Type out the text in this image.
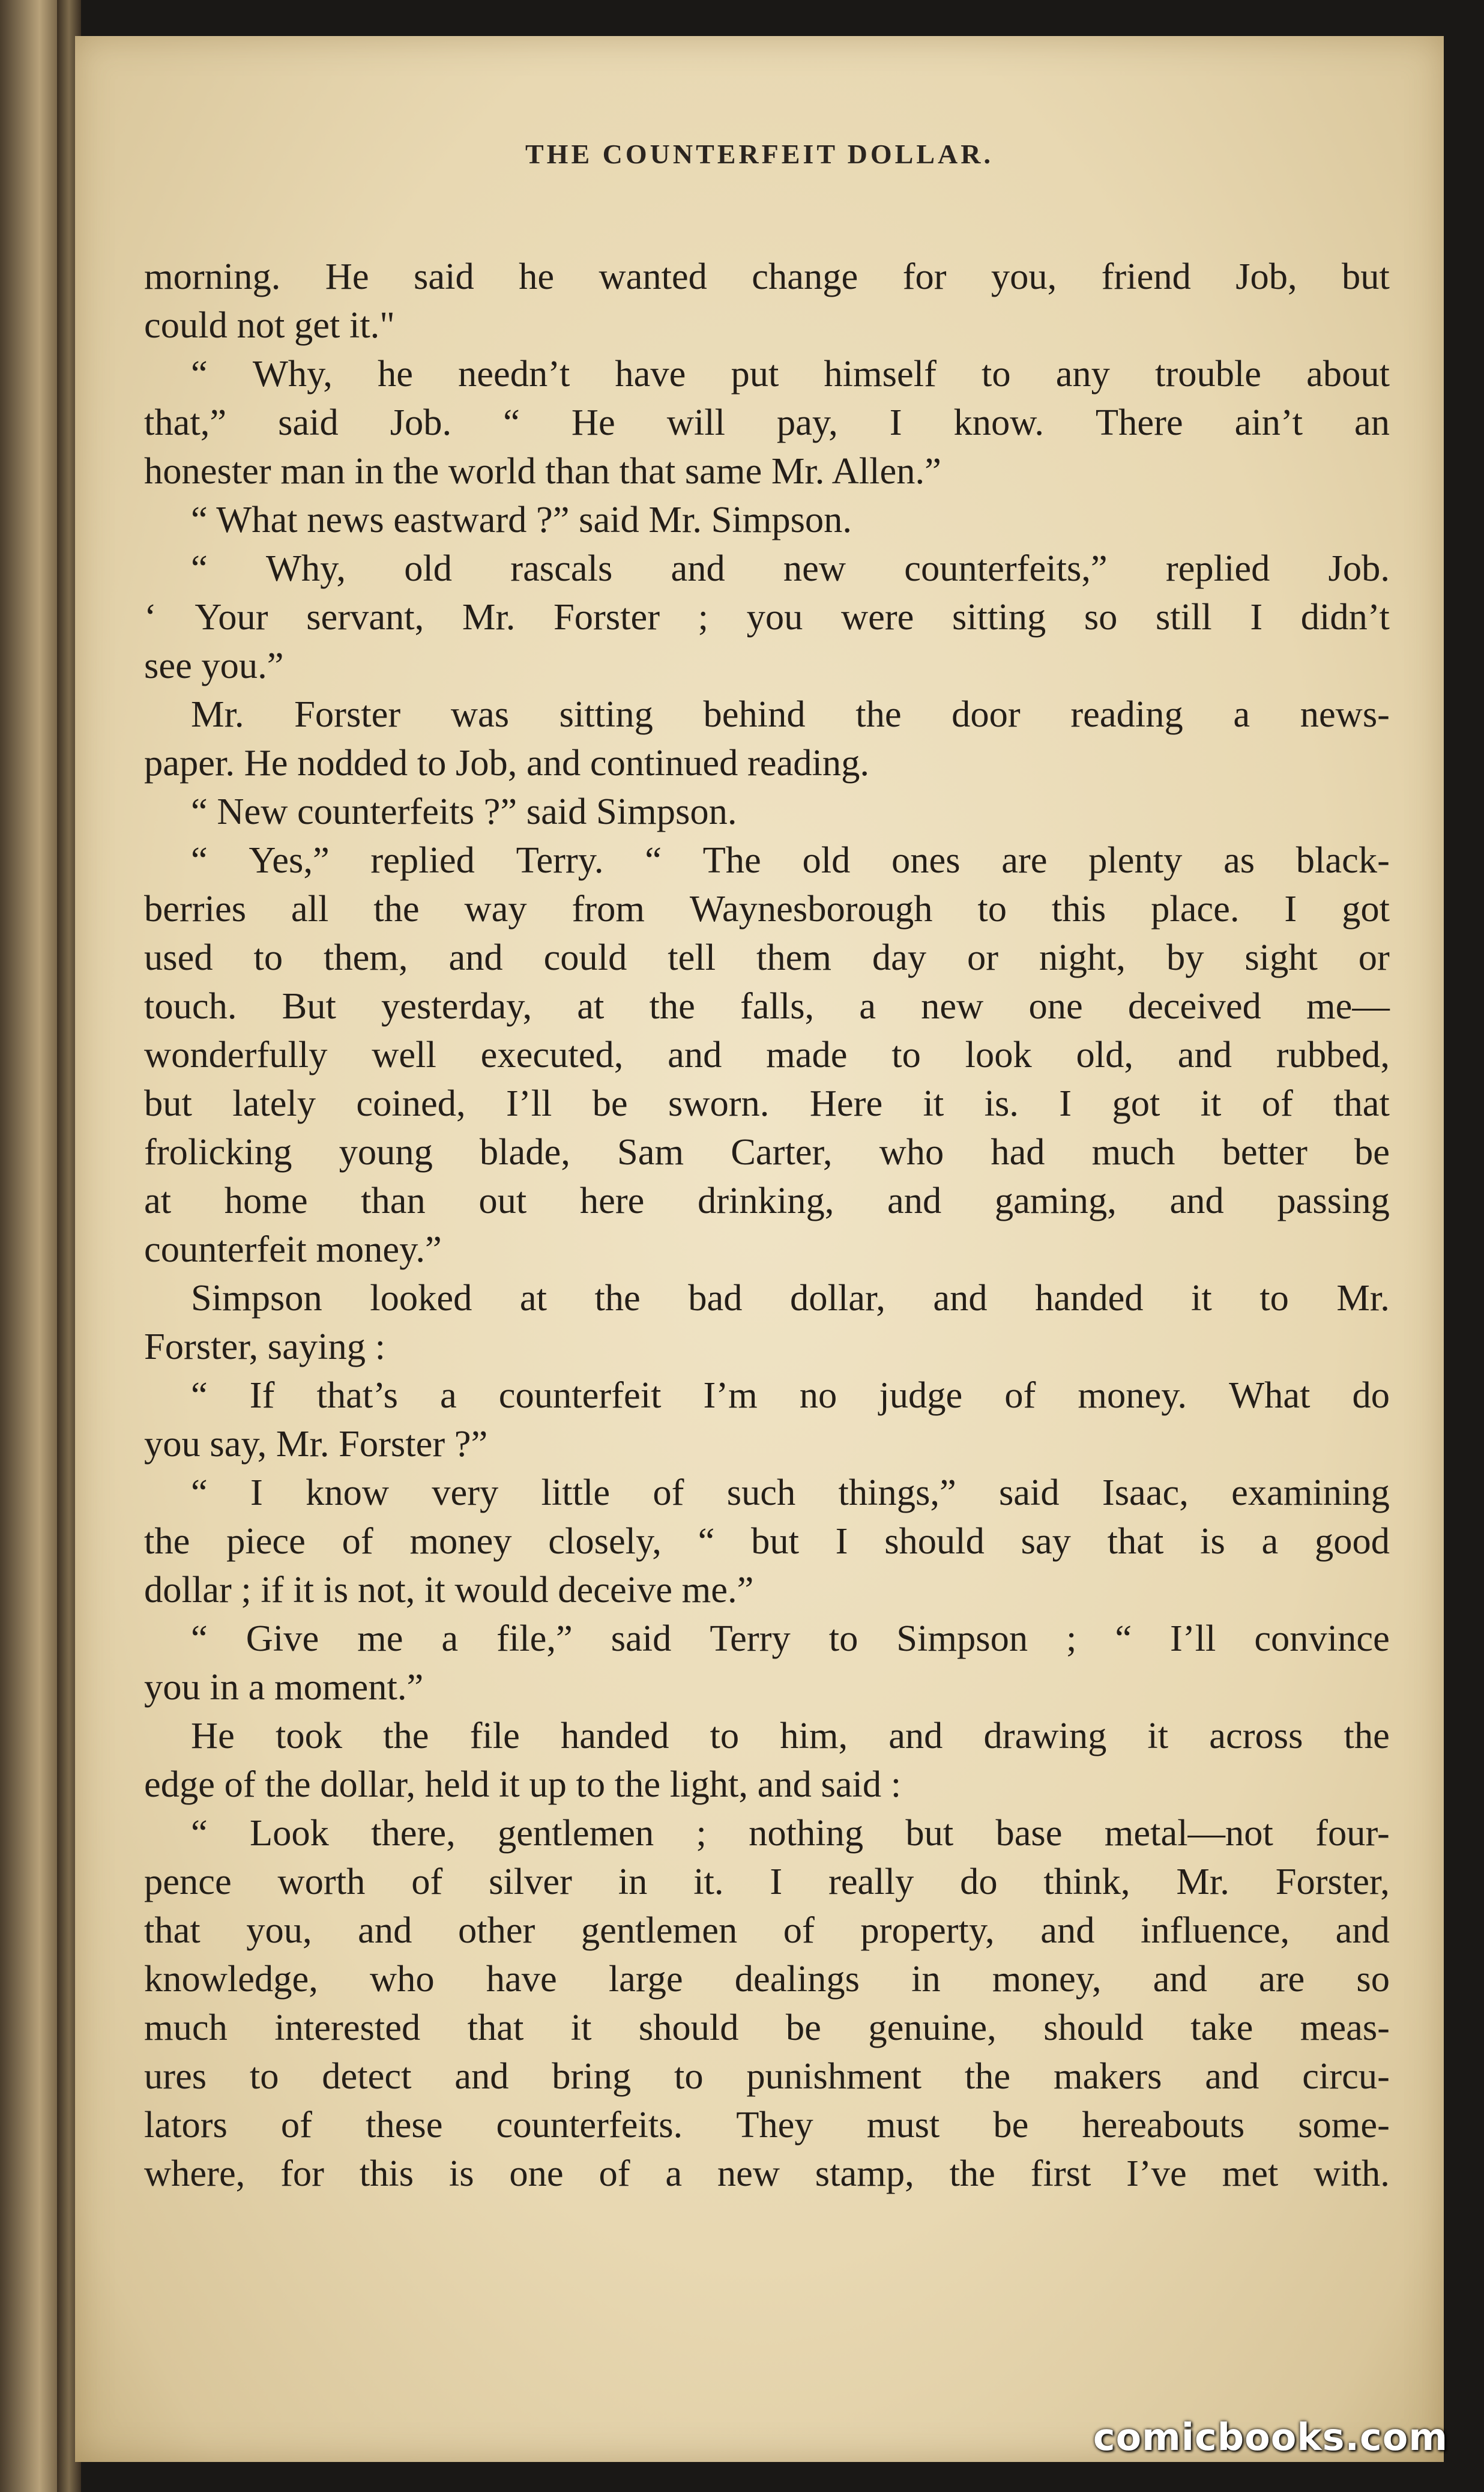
THE COUNTERFEIT DOLLAR.
morning. He said he wanted change for you, friend Job, but
could not get it."
“ Why, he needn’t have put himself to any trouble about
that,” said Job. “ He will pay, I know. There ain’t an
honester man in the world than that same Mr. Allen.”
“ What news eastward ?” said Mr. Simpson.
“ Why, old rascals and new counterfeits,” replied Job.
‘ Your servant, Mr. Forster ; you were sitting so still I didn’t
see you.”
Mr. Forster was sitting behind the door reading a news-
paper. He nodded to Job, and continued reading.
“ New counterfeits ?” said Simpson.
“ Yes,” replied Terry. “ The old ones are plenty as black-
berries all the way from Waynesborough to this place. I got
used to them, and could tell them day or night, by sight or
touch. But yesterday, at the falls, a new one deceived me—
wonderfully well executed, and made to look old, and rubbed,
but lately coined, I’ll be sworn. Here it is. I got it of that
frolicking young blade, Sam Carter, who had much better be
at home than out here drinking, and gaming, and passing
counterfeit money.”
Simpson looked at the bad dollar, and handed it to Mr.
Forster, saying :
“ If that’s a counterfeit I’m no judge of money. What do
you say, Mr. Forster ?”
“ I know very little of such things,” said Isaac, examining
the piece of money closely, “ but I should say that is a good
dollar ; if it is not, it would deceive me.”
“ Give me a file,” said Terry to Simpson ; “ I’ll convince
you in a moment.”
He took the file handed to him, and drawing it across the
edge of the dollar, held it up to the light, and said :
“ Look there, gentlemen ; nothing but base metal—not four-
pence worth of silver in it. I really do think, Mr. Forster,
that you, and other gentlemen of property, and influence, and
knowledge, who have large dealings in money, and are so
much interested that it should be genuine, should take meas-
ures to detect and bring to punishment the makers and circu-
lators of these counterfeits. They must be hereabouts some-
where, for this is one of a new stamp, the first I’ve met with.
comicbooks.com
